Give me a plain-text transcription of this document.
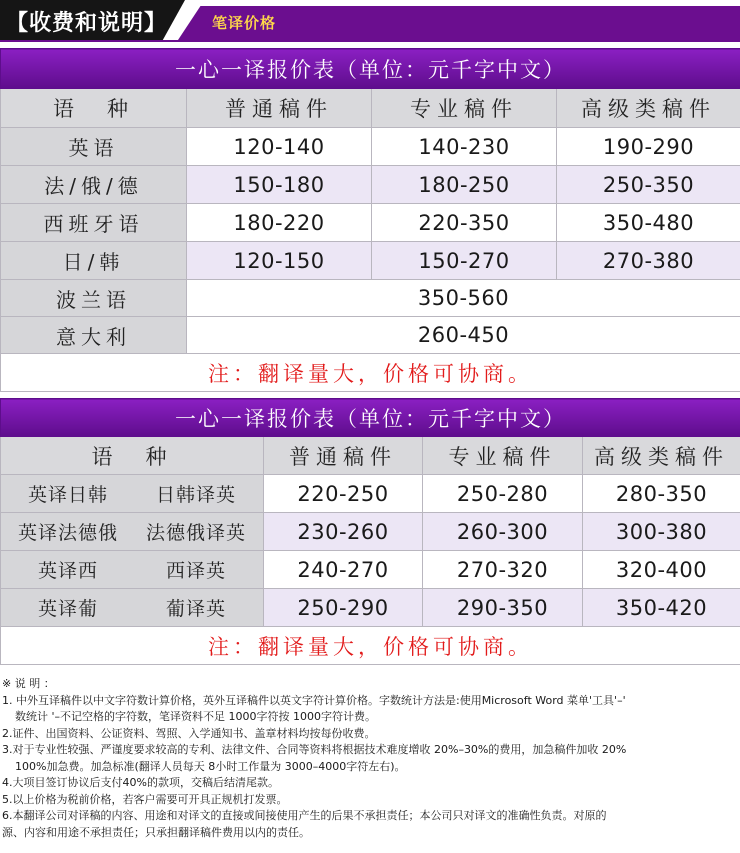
【收费和说明】	笔译价格
一心一译报价表（单位：元千字中文）			
语　种	普通稿件	专业稿件	高级类稿件
英语	120-140	140-230	190-290
法/俄/德	150-180	180-250	250-350
西班牙语	180-220	220-350	350-480
日/韩	120-150	150-270	270-380
波兰语	350-560		
意大利	260-450		
注：翻译量大，价格可协商。			
一心一译报价表（单位：元千字中文）			
语　种	普通稿件	专业稿件	高级类稿件
英译日韩 日韩译英	220-250	250-280	280-350
英译法德俄 法德俄译英	230-260	260-300	300-380
英译西 西译英	240-270	270-320	320-400
英译葡 葡译英	250-290	290-350	350-420
注：翻译量大，价格可协商。			
※ 说 明 ：
1. 中外互译稿件以中文字符数计算价格，英外互译稿件以英文字符计算价格。字数统计方法是:使用Microsoft Word 菜单'工具'–'
数统计 '–不记空格的字符数，笔译资料不足 1000字符按 1000字符计费。
2.证件、出国资料、公证资料、驾照、入学通知书、盖章材料均按每份收费。
3.对于专业性较强、严谨度要求较高的专利、法律文件、合同等资料将根据技术难度增收 20%–30%的费用，加急稿件加收 20%
100%加急费。加急标准(翻译人员每天 8小时工作量为 3000–4000字符左右)。
4.大项目签订协议后支付40%的款项，交稿后结清尾款。
5.以上价格为税前价格，若客户需要可开具正规机打发票。
6.本翻译公司对译稿的内容、用途和对译文的直接或间接使用产生的后果不承担责任；本公司只对译文的准确性负责。对原的
源、内容和用途不承担责任；只承担翻译稿件费用以内的责任。
